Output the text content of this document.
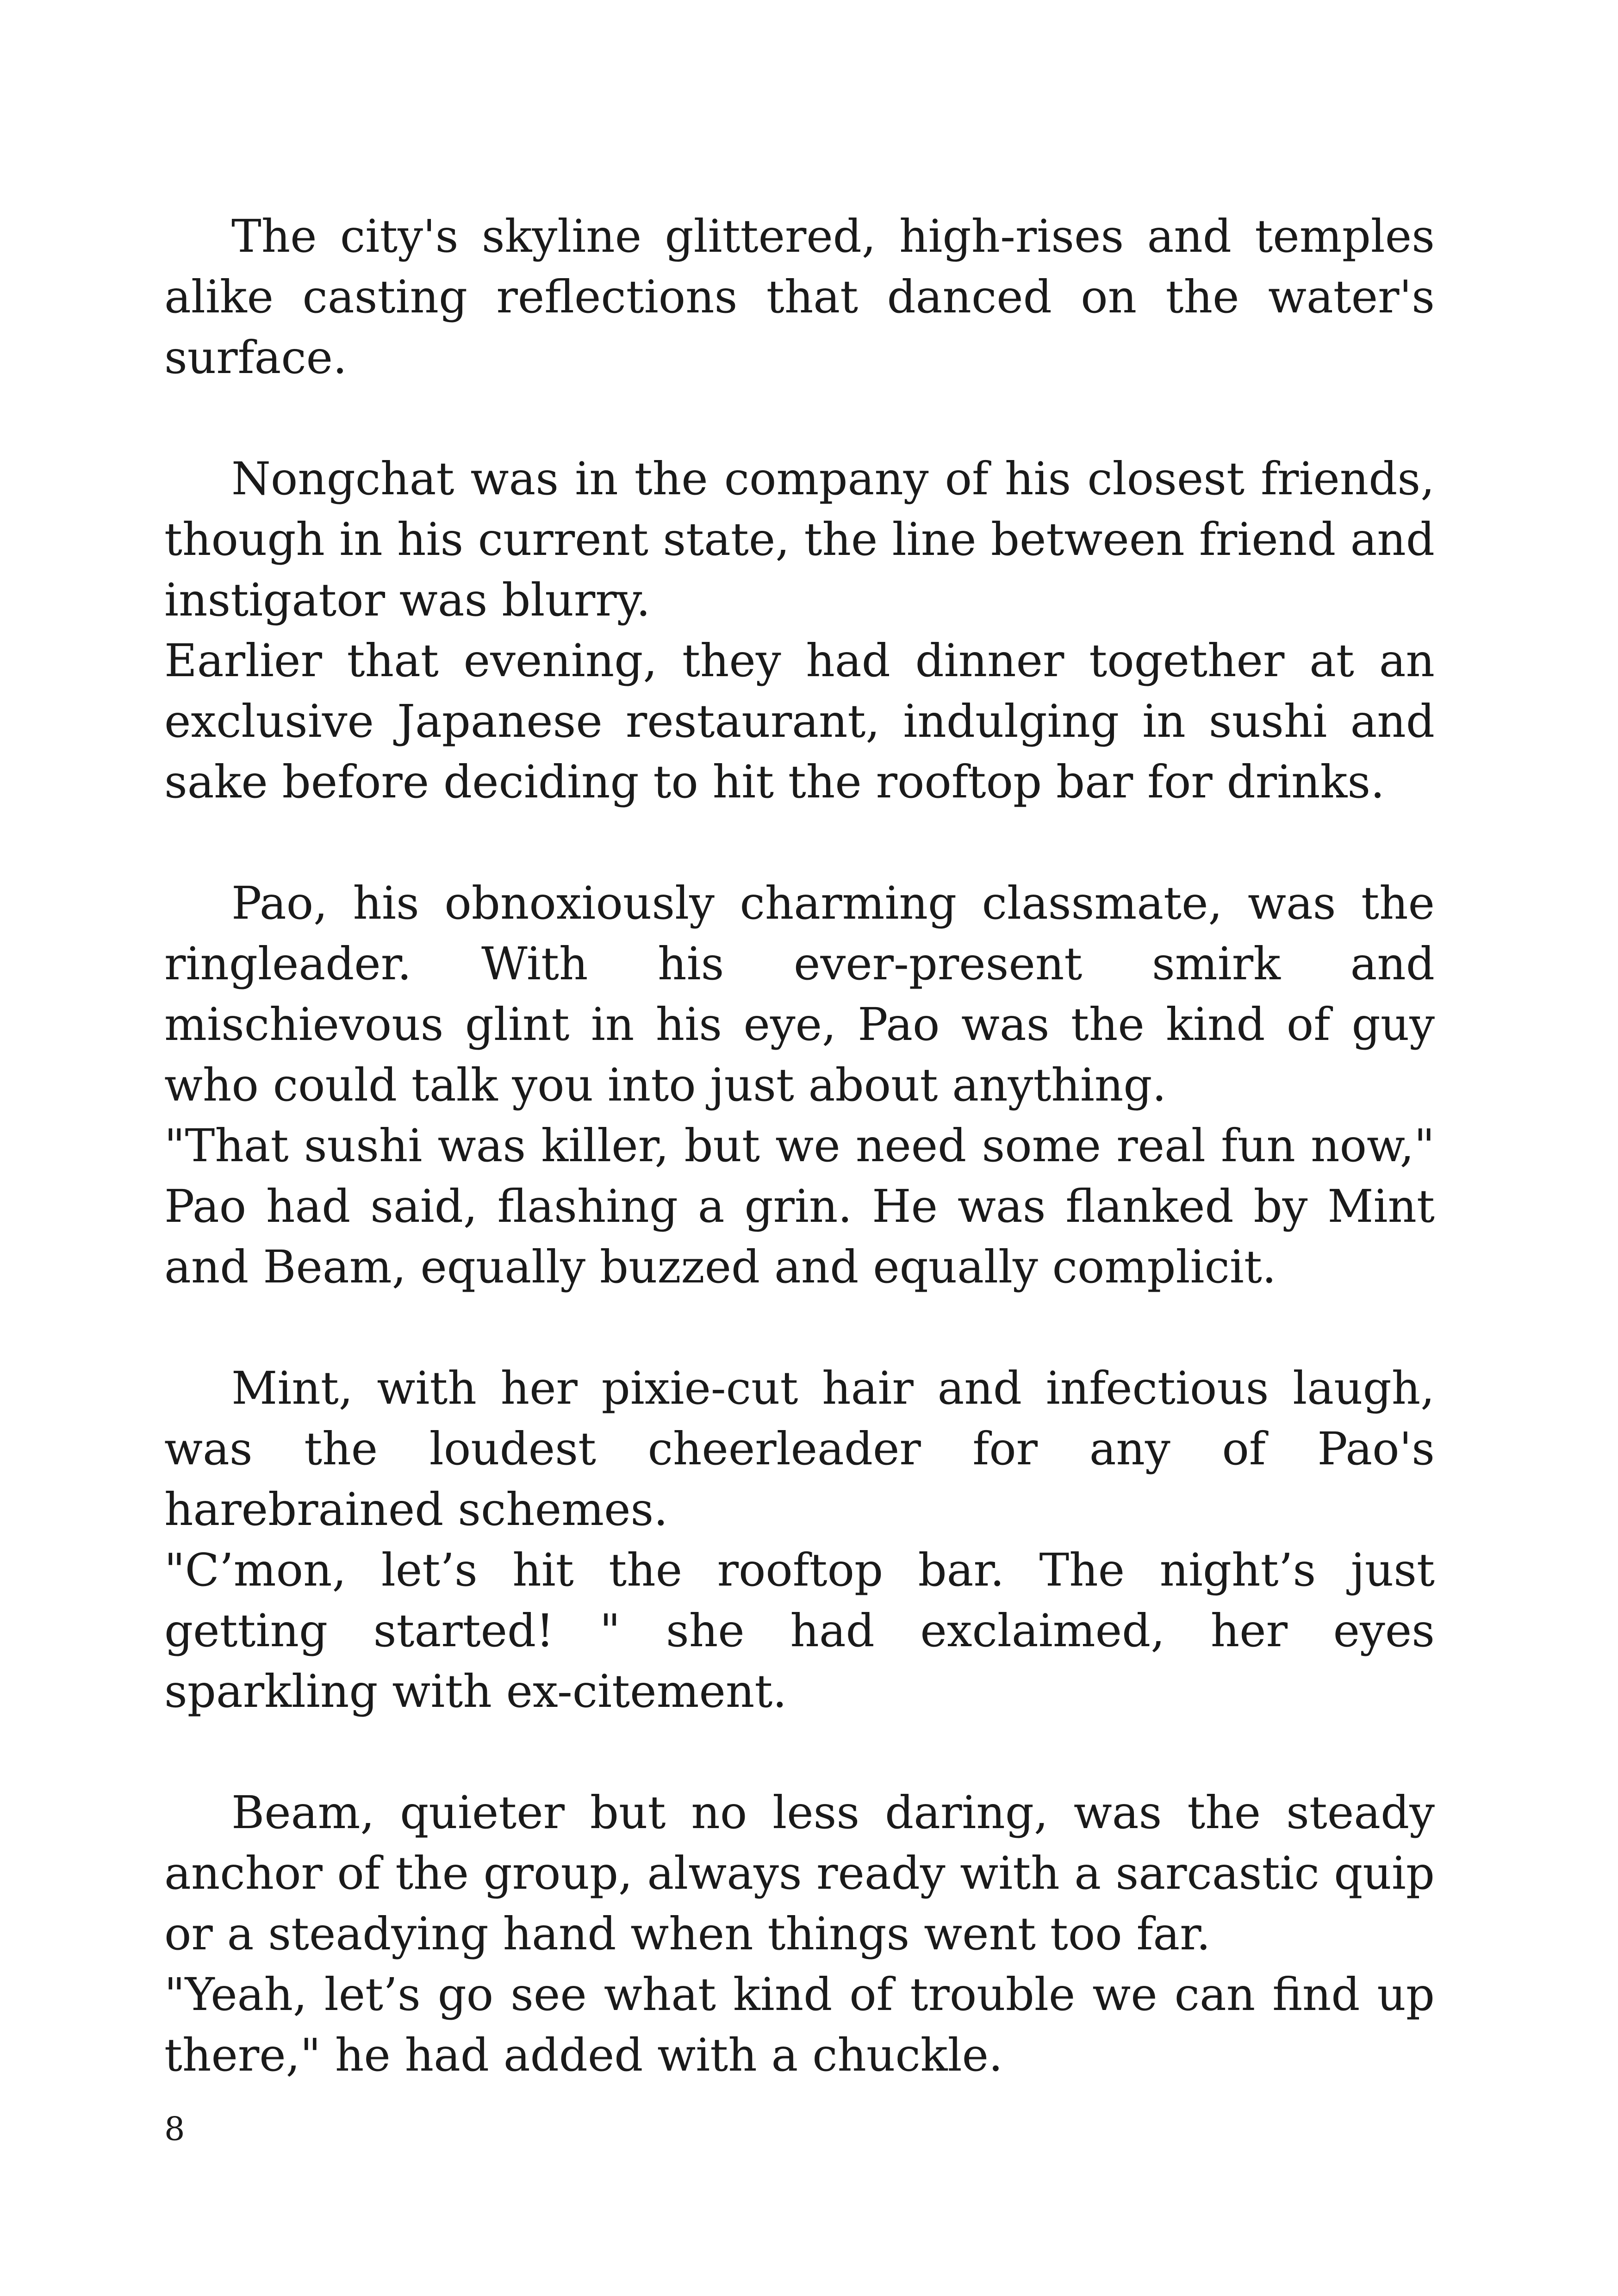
The city's skyline glittered, high-rises and temples alike casting reflections that danced on the water's surface.

Nongchat was in the company of his closest friends, though in his current state, the line between friend and instigator was blurry.

Earlier that evening, they had dinner together at an exclusive Japanese restaurant, indulging in sushi and sake before deciding to hit the rooftop bar for drinks.

Pao, his obnoxiously charming classmate, was the ringleader. With his ever-present smirk and mischievous glint in his eye, Pao was the kind of guy who could talk you into just about anything.

"That sushi was killer, but we need some real fun now," Pao had said, flashing a grin. He was flanked by Mint and Beam, equally buzzed and equally complicit.

Mint, with her pixie-cut hair and infectious laugh, was the loudest cheerleader for any of Pao's harebrained schemes.

"C’mon, let’s hit the rooftop bar. The night’s just getting started! " she had exclaimed, her eyes sparkling with ex-citement.

Beam, quieter but no less daring, was the steady anchor of the group, always ready with a sarcastic quip or a steadying hand when things went too far.

"Yeah, let’s go see what kind of trouble we can find up there," he had added with a chuckle.

8
